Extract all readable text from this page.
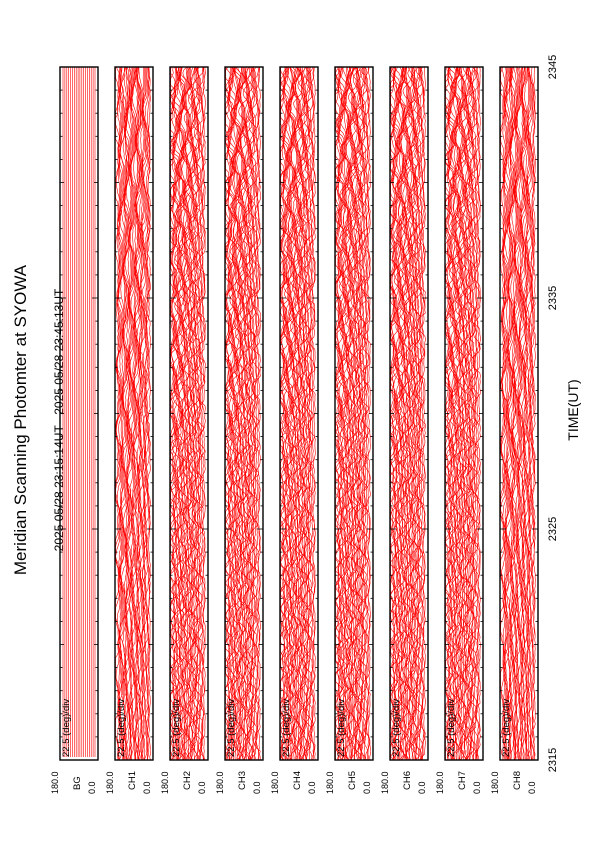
Meridian Scanning Photomter at SYOWA 2025 05/28 23:15:14UT - 2025 05/28 23:45:13UT	TIME(UT)
22.5 (deg)/div
BG
180.0	0.0
22.5 (deg)/div
CH1
180.0	0.0
22.5 (deg)/div
CH2
180.0	0.0
22.5 (deg)/div
CH3
180.0	0.0
22.5 (deg)/div
CH4
180.0	0.0
22.5 (deg)/div
CH5
180.0	0.0
22.5 (deg)/div
CH6
180.0	0.0
22.5 (deg)/div
CH7
180.0	0.0
22.5 (deg)/div
CH8
180.0	0.0
2315
2325
2335
2345
